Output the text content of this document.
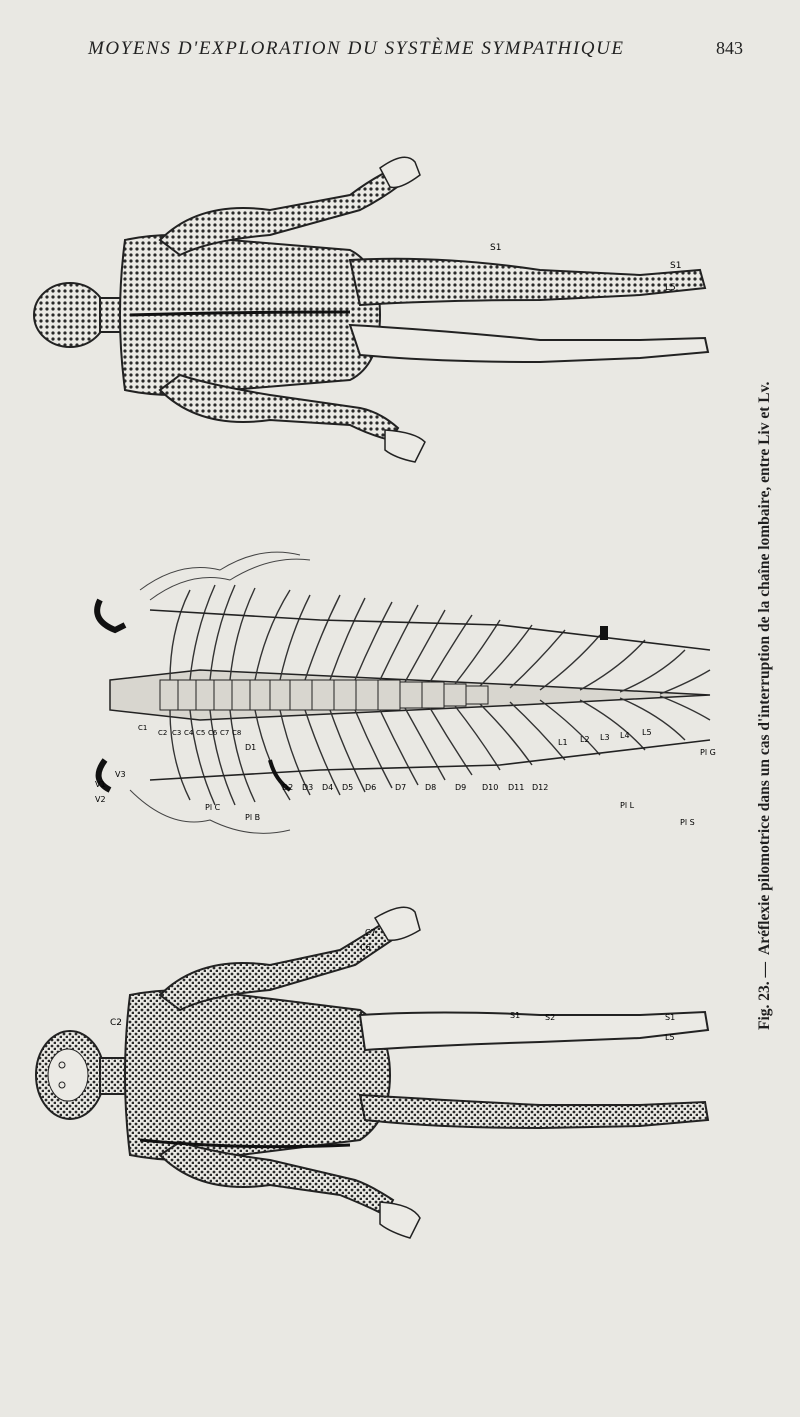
MOYENS D'EXPLORATION DU SYSTÈME SYMPATHIQUE	843
S1
S1
L5
V1
V2
V3
C1
C2 C3 C4 C5 C6 C7 C8
D1
D2 D3 D4 D5 D6 D7 D8 D9 D10 D11 D12
L1 L2 L3 L4 L5
Pl C
Pl B
Pl L
Pl S
Pl G
C2
C7
C6
S1	S2	S1
L5
Fig. 23. — Aréflexie pilomotrice dans un cas d'interruption de la chaîne lombaire, entre Liv et Lv.
